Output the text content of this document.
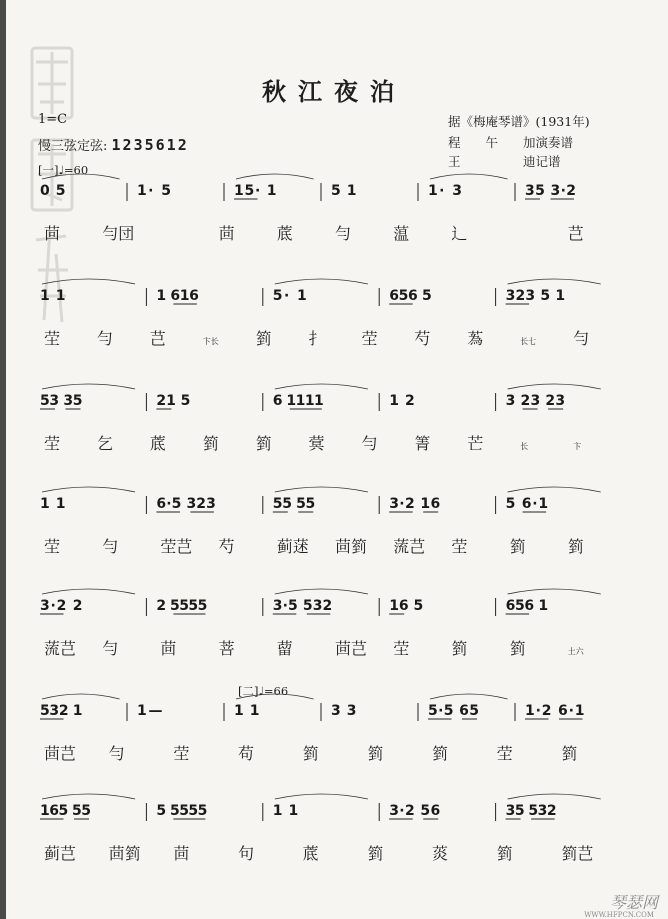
秋江夜泊
1=C
慢三弦定弦: 1235612
据《梅庵琴谱》(1931年)
程　　午　　加演奏谱
王　　　　　迪记谱
[一]♩=60
[二]♩=66
0 5	1· 5	15· 1	5 1	1· 3	35 3·2
茴	勻団	茴	菧	勻	蕰	辶	芑
1 1	1 616	5· 1	656 5	323 5 1
茔 勻 芑	卞长 箌 扌 茔 芍 蒍	长七 勻
53 35	21 5	6 1111	1 2	3 23 23
茔 乞 菧 箌 箌 蓂 勻 箐 芒	长	卞
1 1	6·5 323	55 55	3·2 16	5 6·1
茔	勻	茔芑 芍	蓟蒁 茴箌 蓅芑 茔	箌	箌
3·2 2	2 5555	3·5 532	16 5	656 1
蓅芑 勻	茴	菩	蒥	茴芑 茔	箌	箌	土六
532 1	1 —	1 1	3 3	5·5 65	1·2 6·1
茴芑 勻	茔	苟	箌	箌	箌	茔	箌
165 55	5 5555	1 1	3·2 56	35 532
蓟芑 茴箌 茴	句	菧	箌	菼	箌	箌芑
琴瑟网
WWW.HFPCN.COM
